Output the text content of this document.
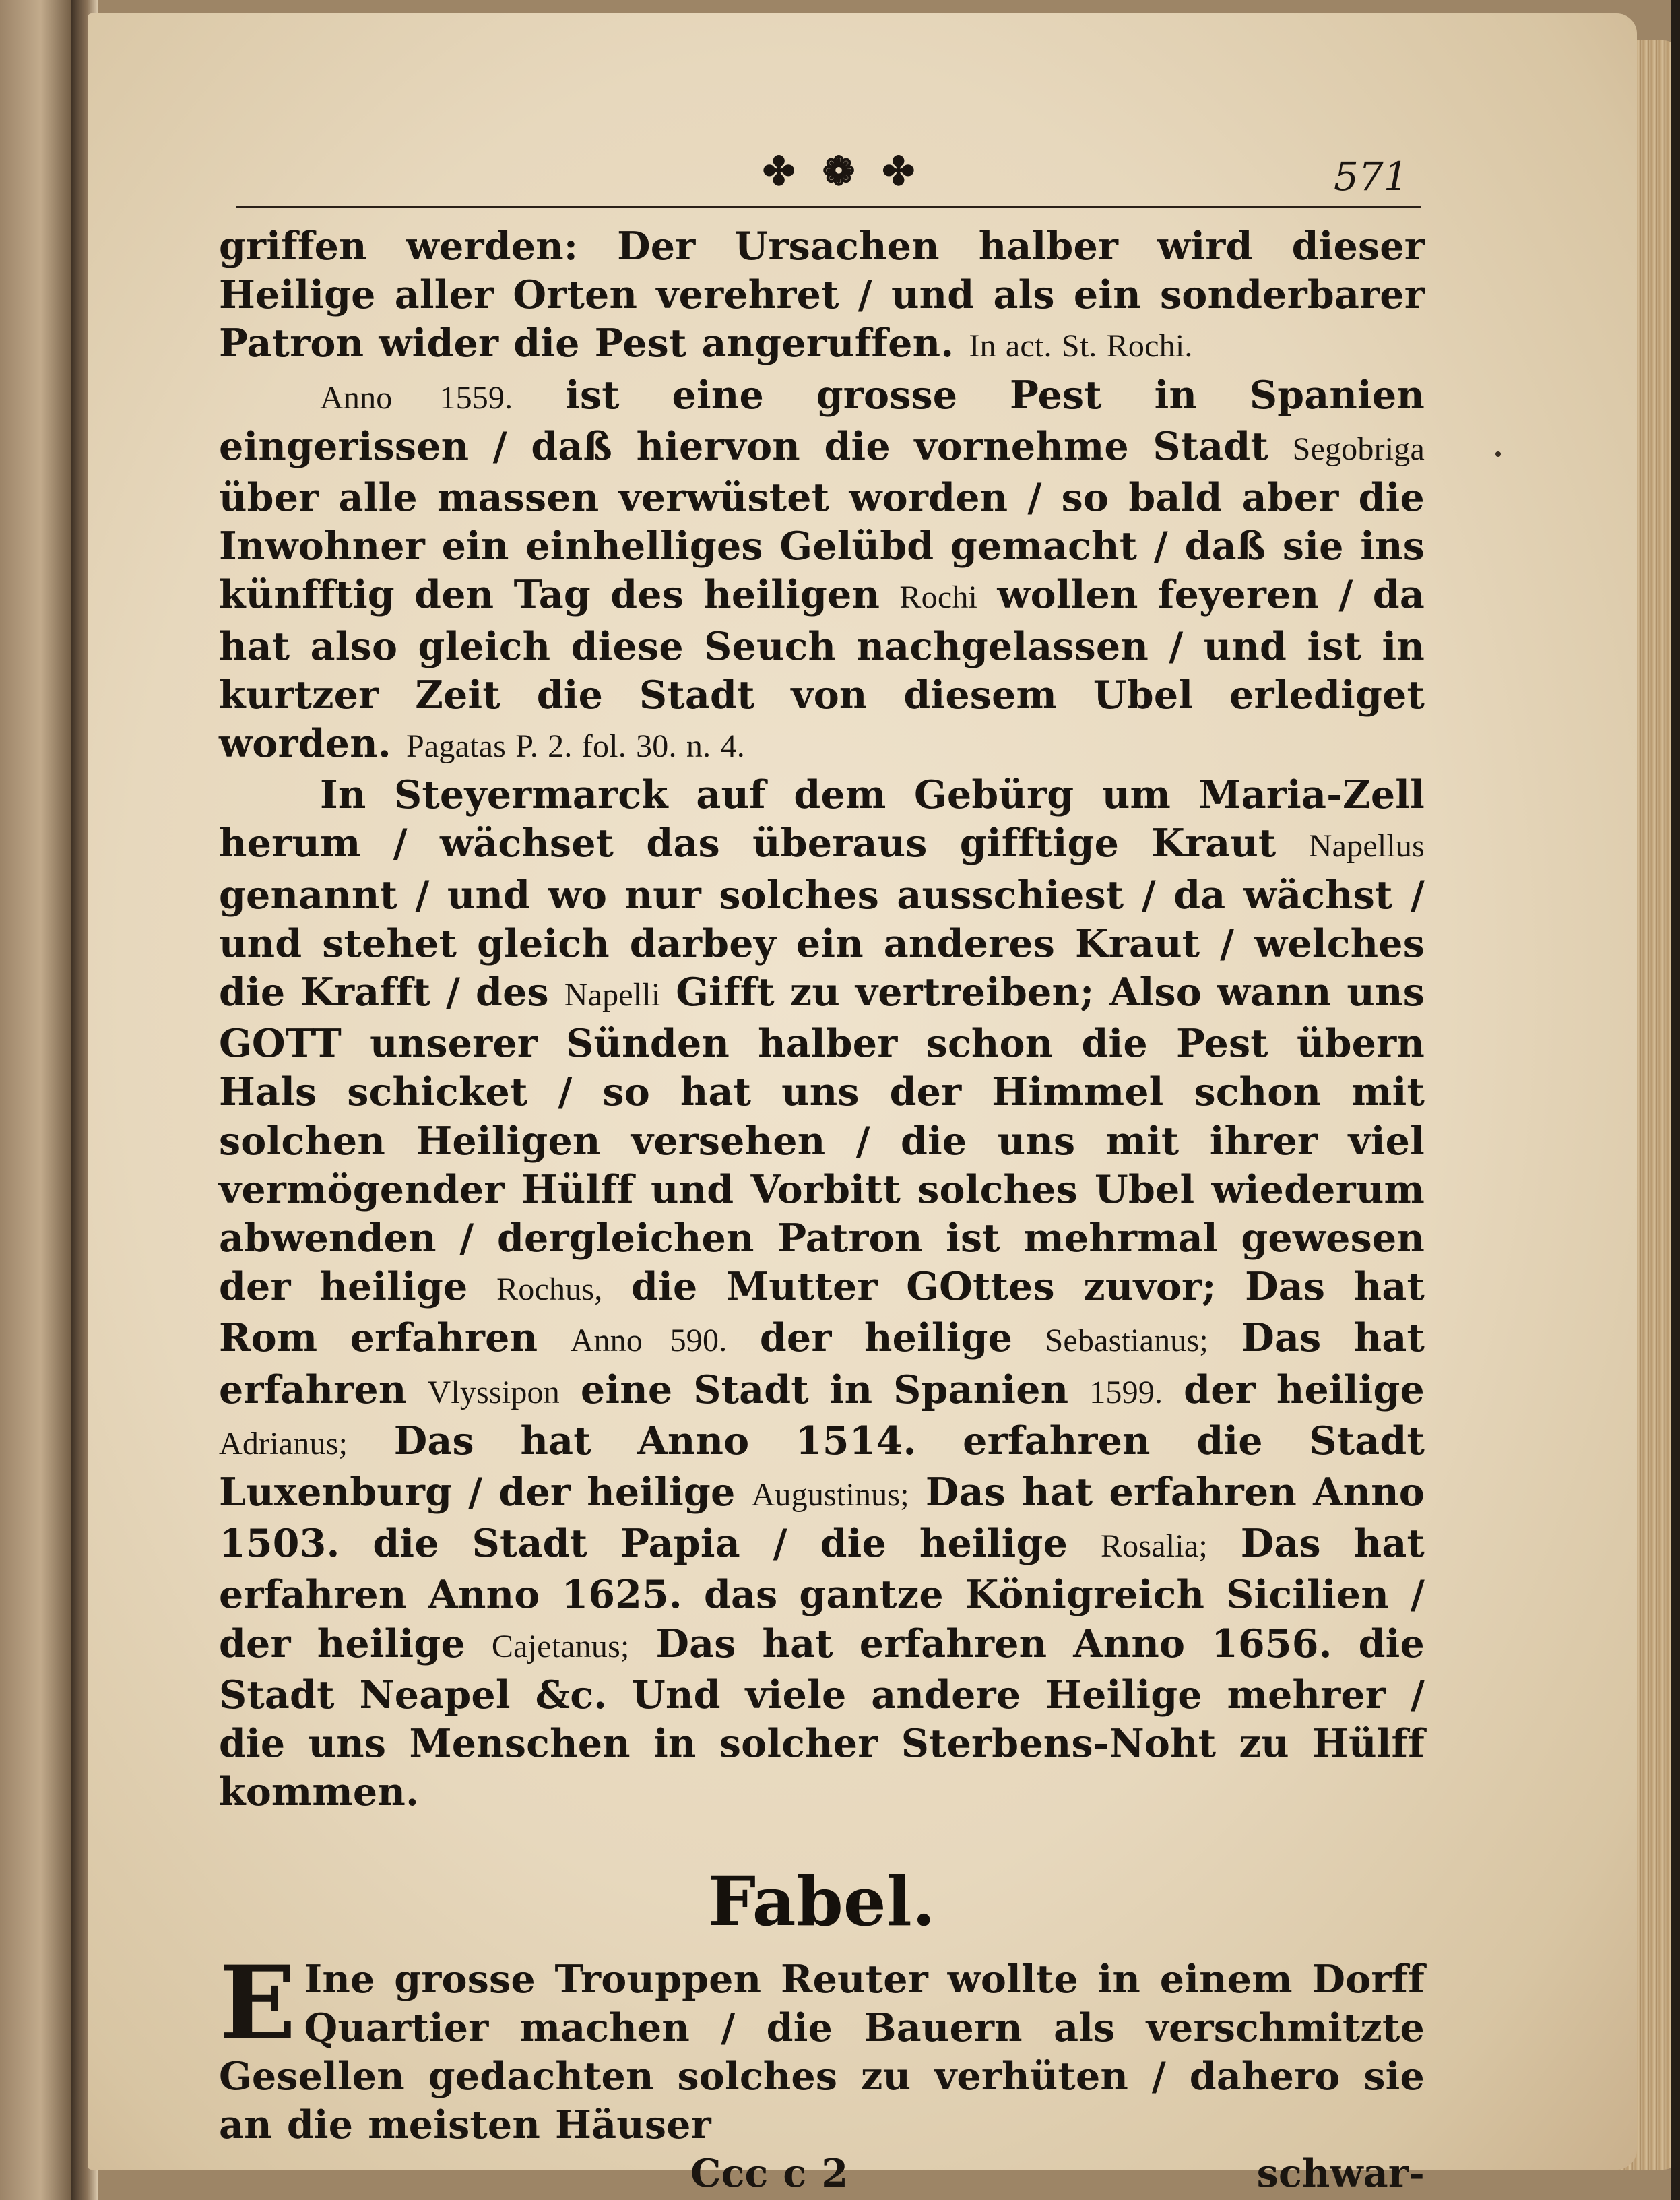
✤ ❁ ✤	571

griffen werden: Der Ursachen halber wird dieser Heilige aller Orten verehret / und als ein sonderbarer Patron wider die Pest angeruffen. In act. St. Rochi.

Anno 1559. ist eine grosse Pest in Spanien eingerissen / daß hiervon die vornehme Stadt Segobriga über alle massen verwüstet worden / so bald aber die Inwohner ein einhelliges Gelübd gemacht / daß sie ins künfftig den Tag des heiligen Rochi wollen feyeren / da hat also gleich diese Seuch nachgelassen / und ist in kurtzer Zeit die Stadt von diesem Ubel erlediget worden. Pagatas P. 2. fol. 30. n. 4.

In Steyermarck auf dem Gebürg um Maria-Zell herum / wächset das überaus gifftige Kraut Napellus genannt / und wo nur solches ausschiest / da wächst / und stehet gleich darbey ein anderes Kraut / welches die Krafft / des Napelli Gifft zu vertreiben; Also wann uns GOTT unserer Sünden halber schon die Pest übern Hals schicket / so hat uns der Himmel schon mit solchen Heiligen versehen / die uns mit ihrer viel vermögender Hülff und Vorbitt solches Ubel wiederum abwenden / dergleichen Patron ist mehrmal gewesen der heilige Rochus, die Mutter GOttes zuvor; Das hat Rom erfahren Anno 590. der heilige Sebastianus; Das hat erfahren Vlyssipon eine Stadt in Spanien 1599. der heilige Adrianus; Das hat Anno 1514. erfahren die Stadt Luxenburg / der heilige Augustinus; Das hat erfahren Anno 1503. die Stadt Papia / die heilige Rosalia; Das hat erfahren Anno 1625. das gantze Königreich Sicilien / der heilige Cajetanus; Das hat erfahren Anno 1656. die Stadt Neapel &c. Und viele andere Heilige mehrer / die uns Menschen in solcher Sterbens-Noht zu Hülff kommen.

Fabel.

E Ine grosse Trouppen Reuter wollte in einem Dorff Quartier machen / die Bauern als verschmitzte Gesellen gedachten solches zu verhüten / dahero sie an die meisten Häuser

Ccc c 2	schwar-
